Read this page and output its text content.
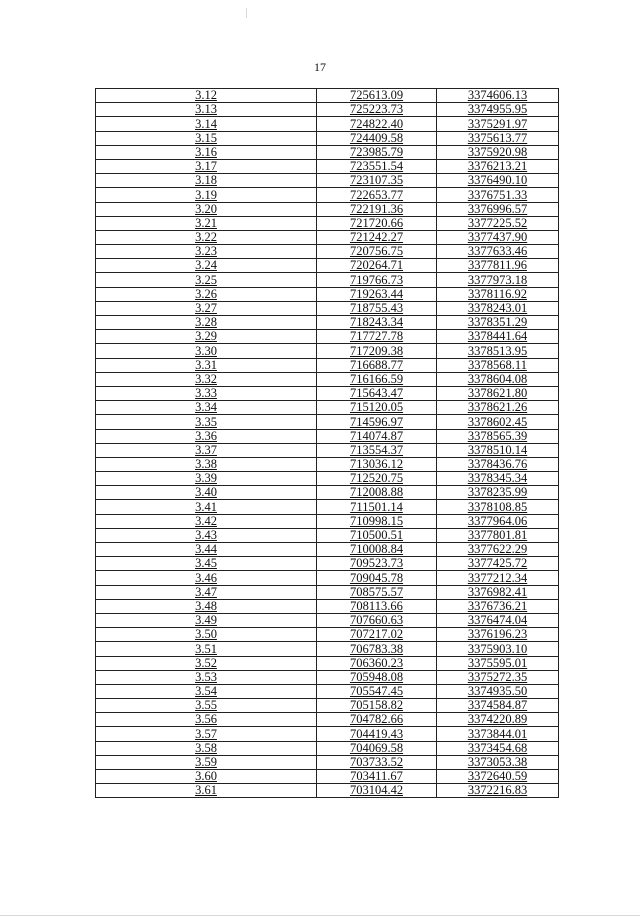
17
3.12	725613.09	3374606.13
3.13	725223.73	3374955.95
3.14	724822.40	3375291.97
3.15	724409.58	3375613.77
3.16	723985.79	3375920.98
3.17	723551.54	3376213.21
3.18	723107.35	3376490.10
3.19	722653.77	3376751.33
3.20	722191.36	3376996.57
3.21	721720.66	3377225.52
3.22	721242.27	3377437.90
3.23	720756.75	3377633.46
3.24	720264.71	3377811.96
3.25	719766.73	3377973.18
3.26	719263.44	3378116.92
3.27	718755.43	3378243.01
3.28	718243.34	3378351.29
3.29	717727.78	3378441.64
3.30	717209.38	3378513.95
3.31	716688.77	3378568.11
3.32	716166.59	3378604.08
3.33	715643.47	3378621.80
3.34	715120.05	3378621.26
3.35	714596.97	3378602.45
3.36	714074.87	3378565.39
3.37	713554.37	3378510.14
3.38	713036.12	3378436.76
3.39	712520.75	3378345.34
3.40	712008.88	3378235.99
3.41	711501.14	3378108.85
3.42	710998.15	3377964.06
3.43	710500.51	3377801.81
3.44	710008.84	3377622.29
3.45	709523.73	3377425.72
3.46	709045.78	3377212.34
3.47	708575.57	3376982.41
3.48	708113.66	3376736.21
3.49	707660.63	3376474.04
3.50	707217.02	3376196.23
3.51	706783.38	3375903.10
3.52	706360.23	3375595.01
3.53	705948.08	3375272.35
3.54	705547.45	3374935.50
3.55	705158.82	3374584.87
3.56	704782.66	3374220.89
3.57	704419.43	3373844.01
3.58	704069.58	3373454.68
3.59	703733.52	3373053.38
3.60	703411.67	3372640.59
3.61	703104.42	3372216.83
